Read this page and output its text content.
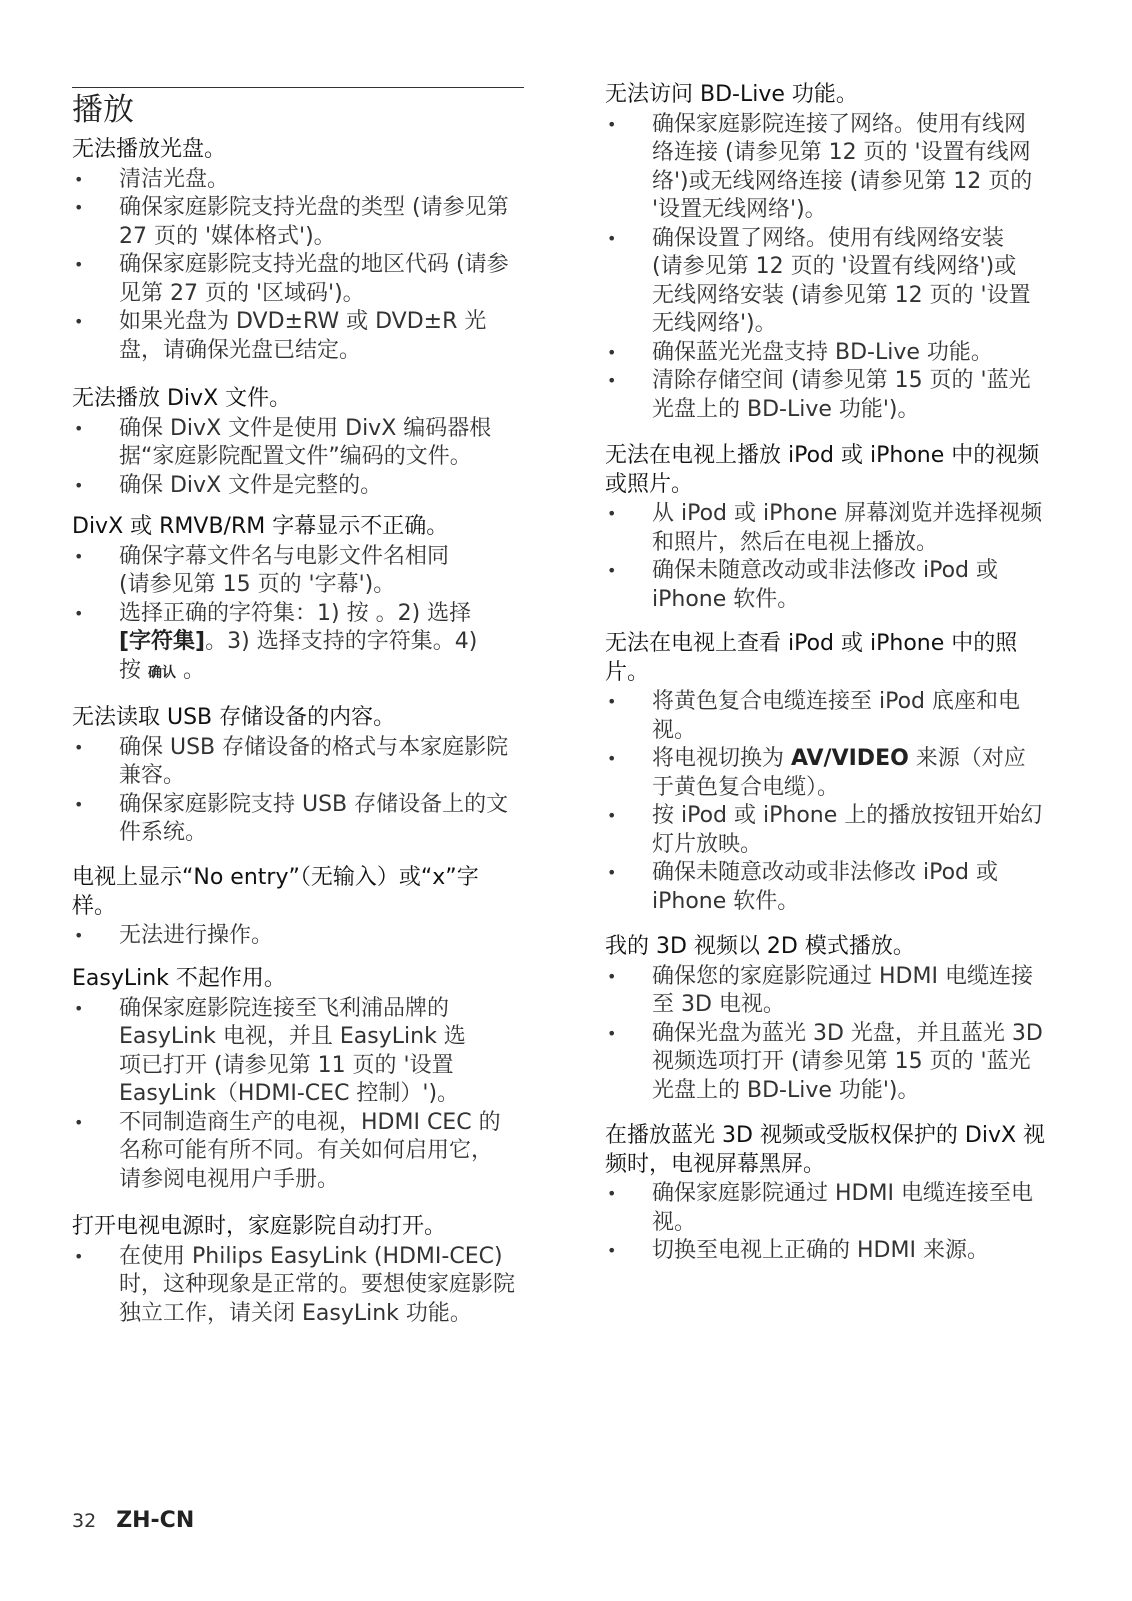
播放
无法播放光盘。
• 清洁光盘。
• 确保家庭影院支持光盘的类型 (请参见第 27 页的 '媒体格式')。
• 确保家庭影院支持光盘的地区代码 (请参见第 27 页的 '区域码')。
• 如果光盘为 DVD±RW 或 DVD±R 光盘，请确保光盘已结定。
无法播放 DivX 文件。
• 确保 DivX 文件是使用 DivX 编码器根据“家庭影院配置文件”编码的文件。
• 确保 DivX 文件是完整的。
DivX 或 RMVB/RM 字幕显示不正确。
• 确保字幕文件名与电影文件名相同 (请参见第 15 页的 '字幕')。
• 选择正确的字符集：1) 按 。2) 选择 [字符集]。3) 选择支持的字符集。4) 按 确认 。
无法读取 USB 存储设备的内容。
• 确保 USB 存储设备的格式与本家庭影院兼容。
• 确保家庭影院支持 USB 存储设备上的文件系统。
电视上显示“No entry”（无输入）或“x”字样。
• 无法进行操作。
EasyLink 不起作用。
• 确保家庭影院连接至飞利浦品牌的 EasyLink 电视，并且 EasyLink 选项已打开 (请参见第 11 页的 '设置 EasyLink（HDMI-CEC 控制）')。
• 不同制造商生产的电视，HDMI CEC 的名称可能有所不同。有关如何启用它，请参阅电视用户手册。
打开电视电源时，家庭影院自动打开。
• 在使用 Philips EasyLink (HDMI-CEC) 时，这种现象是正常的。要想使家庭影院独立工作，请关闭 EasyLink 功能。
无法访问 BD-Live 功能。
• 确保家庭影院连接了网络。使用有线网络连接 (请参见第 12 页的 '设置有线网络')或无线网络连接 (请参见第 12 页的 '设置无线网络')。
• 确保设置了网络。使用有线网络安装 (请参见第 12 页的 '设置有线网络')或无线网络安装 (请参见第 12 页的 '设置无线网络')。
• 确保蓝光光盘支持 BD-Live 功能。
• 清除存储空间 (请参见第 15 页的 '蓝光光盘上的 BD-Live 功能')。
无法在电视上播放 iPod 或 iPhone 中的视频或照片。
• 从 iPod 或 iPhone 屏幕浏览并选择视频和照片，然后在电视上播放。
• 确保未随意改动或非法修改 iPod 或 iPhone 软件。
无法在电视上查看 iPod 或 iPhone 中的照片。
• 将黄色复合电缆连接至 iPod 底座和电视。
• 将电视切换为 AV/VIDEO 来源（对应于黄色复合电缆）。
• 按 iPod 或 iPhone 上的播放按钮开始幻灯片放映。
• 确保未随意改动或非法修改 iPod 或 iPhone 软件。
我的 3D 视频以 2D 模式播放。
• 确保您的家庭影院通过 HDMI 电缆连接至 3D 电视。
• 确保光盘为蓝光 3D 光盘，并且蓝光 3D 视频选项打开 (请参见第 15 页的 '蓝光光盘上的 BD-Live 功能')。
在播放蓝光 3D 视频或受版权保护的 DivX 视频时，电视屏幕黑屏。
• 确保家庭影院通过 HDMI 电缆连接至电视。
• 切换至电视上正确的 HDMI 来源。
32 ZH-CN
